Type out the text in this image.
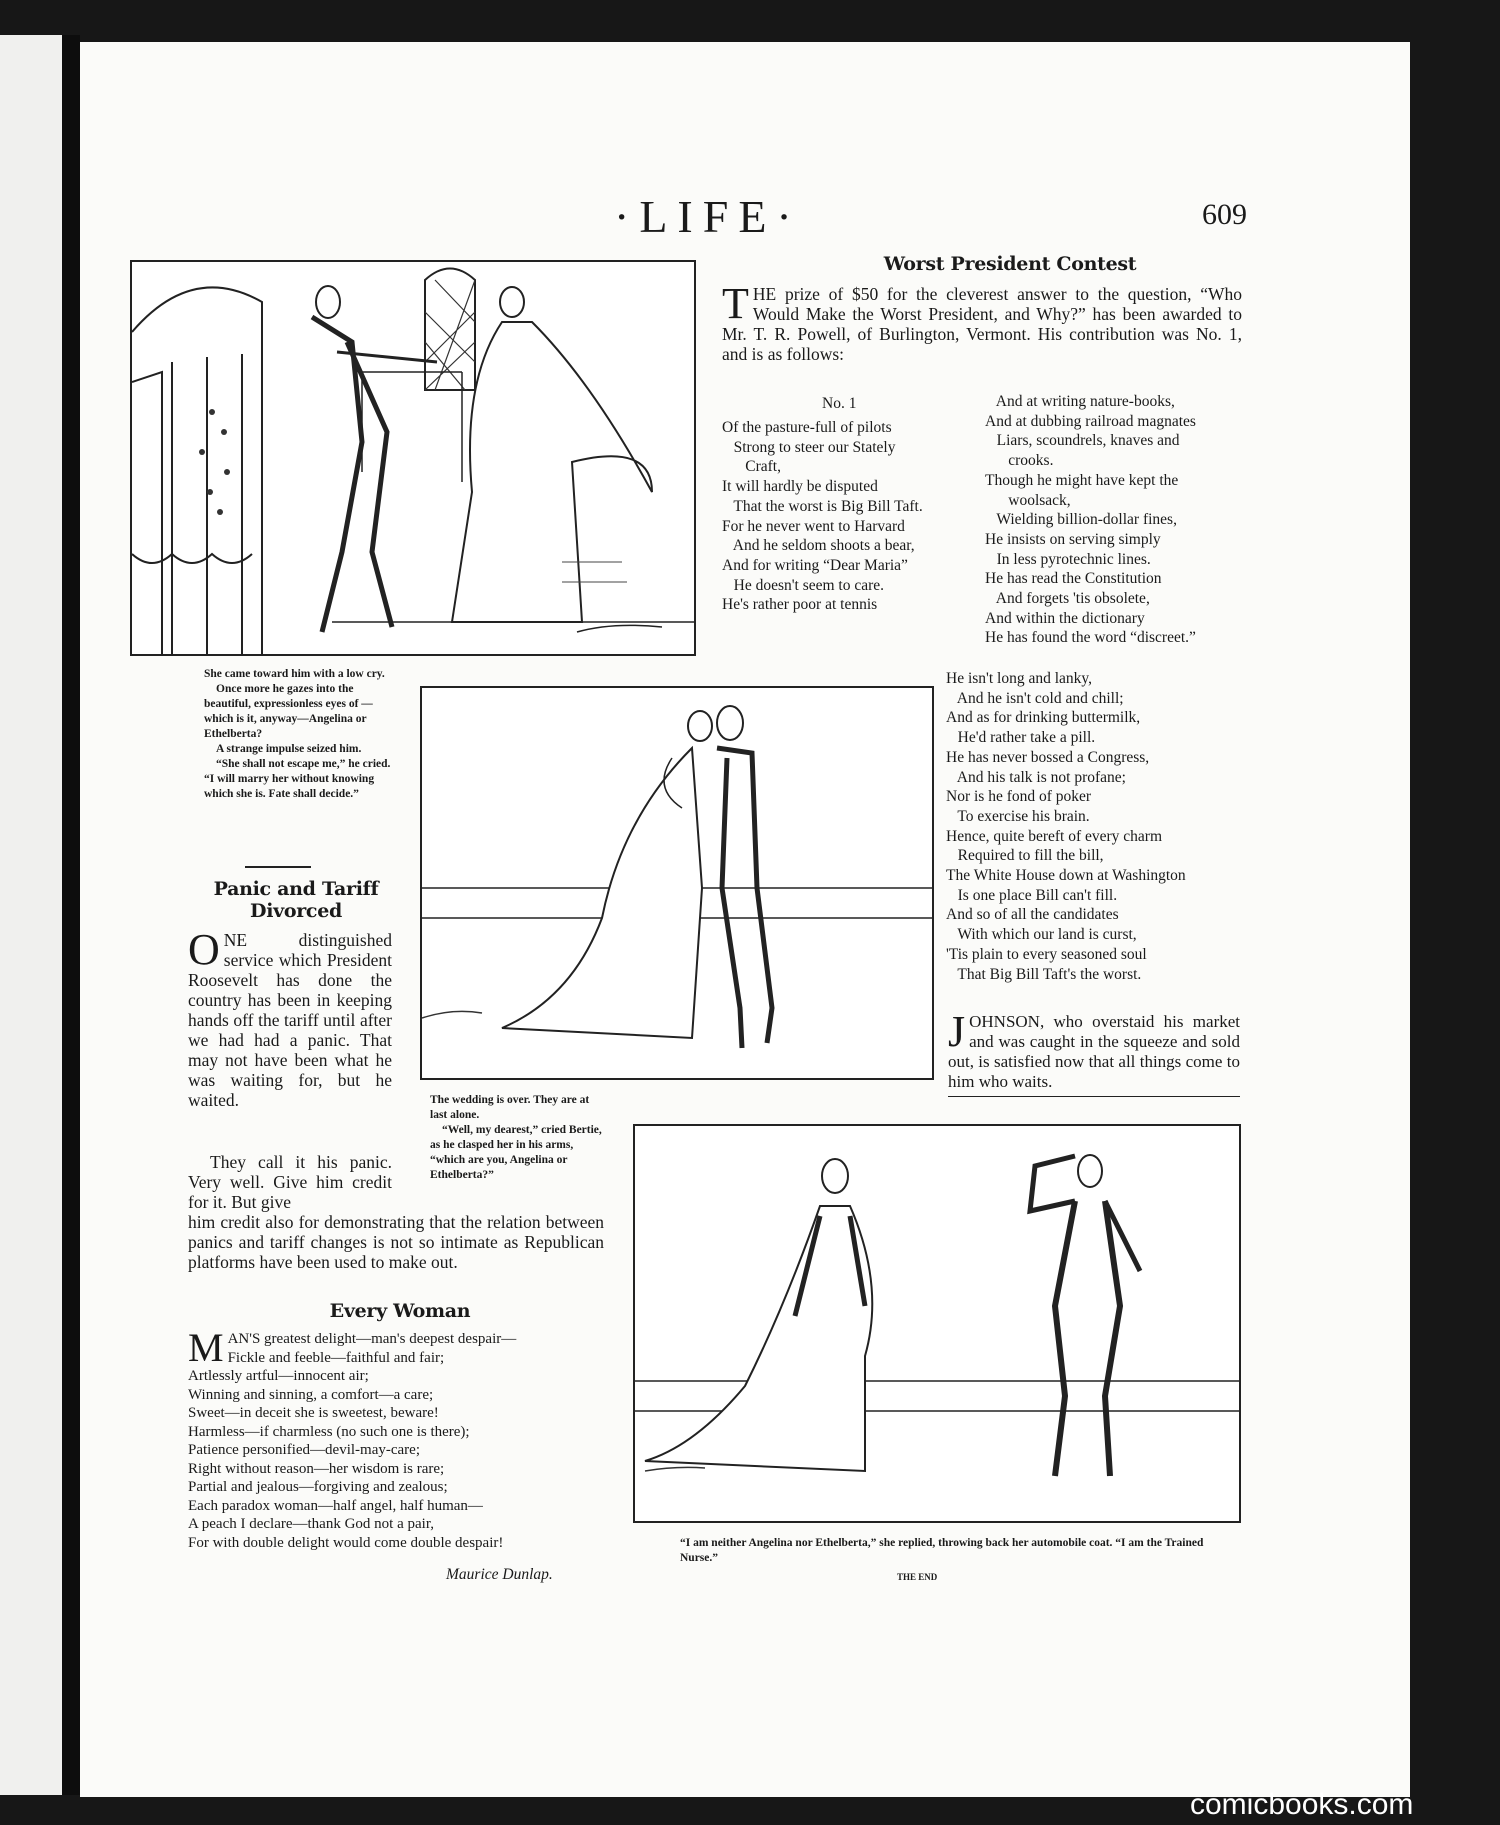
·LIFE·	609
Worst President Contest
THE prize of $50 for the cleverest answer to the question, “Who Would Make the Worst President, and Why?” has been awarded to Mr. T. R. Powell, of Burlington, Vermont. His contribution was No. 1, and is as follows:
No. 1
Of the pasture-full of pilots
Strong to steer our Stately
Craft,
It will hardly be disputed
That the worst is Big Bill Taft.
For he never went to Harvard
And he seldom shoots a bear,
And for writing “Dear Maria”
He doesn't seem to care.
He's rather poor at tennis
And at writing nature-books,
And at dubbing railroad magnates
Liars, scoundrels, knaves and
crooks.
Though he might have kept the
woolsack,
Wielding billion-dollar fines,
He insists on serving simply
In less pyrotechnic lines.
He has read the Constitution
And forgets 'tis obsolete,
And within the dictionary
He has found the word “discreet.”
He isn't long and lanky,
And he isn't cold and chill;
And as for drinking buttermilk,
He'd rather take a pill.
He has never bossed a Congress,
And his talk is not profane;
Nor is he fond of poker
To exercise his brain.
Hence, quite bereft of every charm
Required to fill the bill,
The White House down at Washington
Is one place Bill can't fill.
And so of all the candidates
With which our land is curst,
'Tis plain to every seasoned soul
That Big Bill Taft's the worst.
JOHNSON, who overstaid his market and was caught in the squeeze and sold out, is satisfied now that all things come to him who waits.

She came toward him with a low cry.

Once more he gazes into the beautiful, expressionless eyes of —which is it, anyway—Angelina or Ethelberta?

A strange impulse seized him.

“She shall not escape me,” he cried. “I will marry her without knowing which she is. Fate shall decide.”

The wedding is over. They are at last alone.

“Well, my dearest,” cried Bertie, as he clasped her in his arms, “which are you, Angelina or Ethelberta?”

Panic and Tariff Divorced
ONE distinguished service which President Roosevelt has done the country has been in keeping hands off the tariff until after we had had a panic. That may not have been what he was waiting for, but he waited.
They call it his panic. Very well. Give him credit for it. But give
him credit also for demonstrating that the relation between panics and tariff changes is not so intimate as Republican platforms have been used to make out.
Every Woman
MAN'S greatest delight—man's deepest despair—
Fickle and feeble—faithful and fair;
Artlessly artful—innocent air;
Winning and sinning, a comfort—a care;
Sweet—in deceit she is sweetest, beware!
Harmless—if charmless (no such one is there);
Patience personified—devil-may-care;
Right without reason—her wisdom is rare;
Partial and jealous—forgiving and zealous;
Each paradox woman—half angel, half human—
A peach I declare—thank God not a pair,
For with double delight would come double despair!
Maurice Dunlap.
“I am neither Angelina nor Ethelberta,” she replied, throwing back her automobile coat. “I am the Trained Nurse.”
THE END
comicbooks.com
